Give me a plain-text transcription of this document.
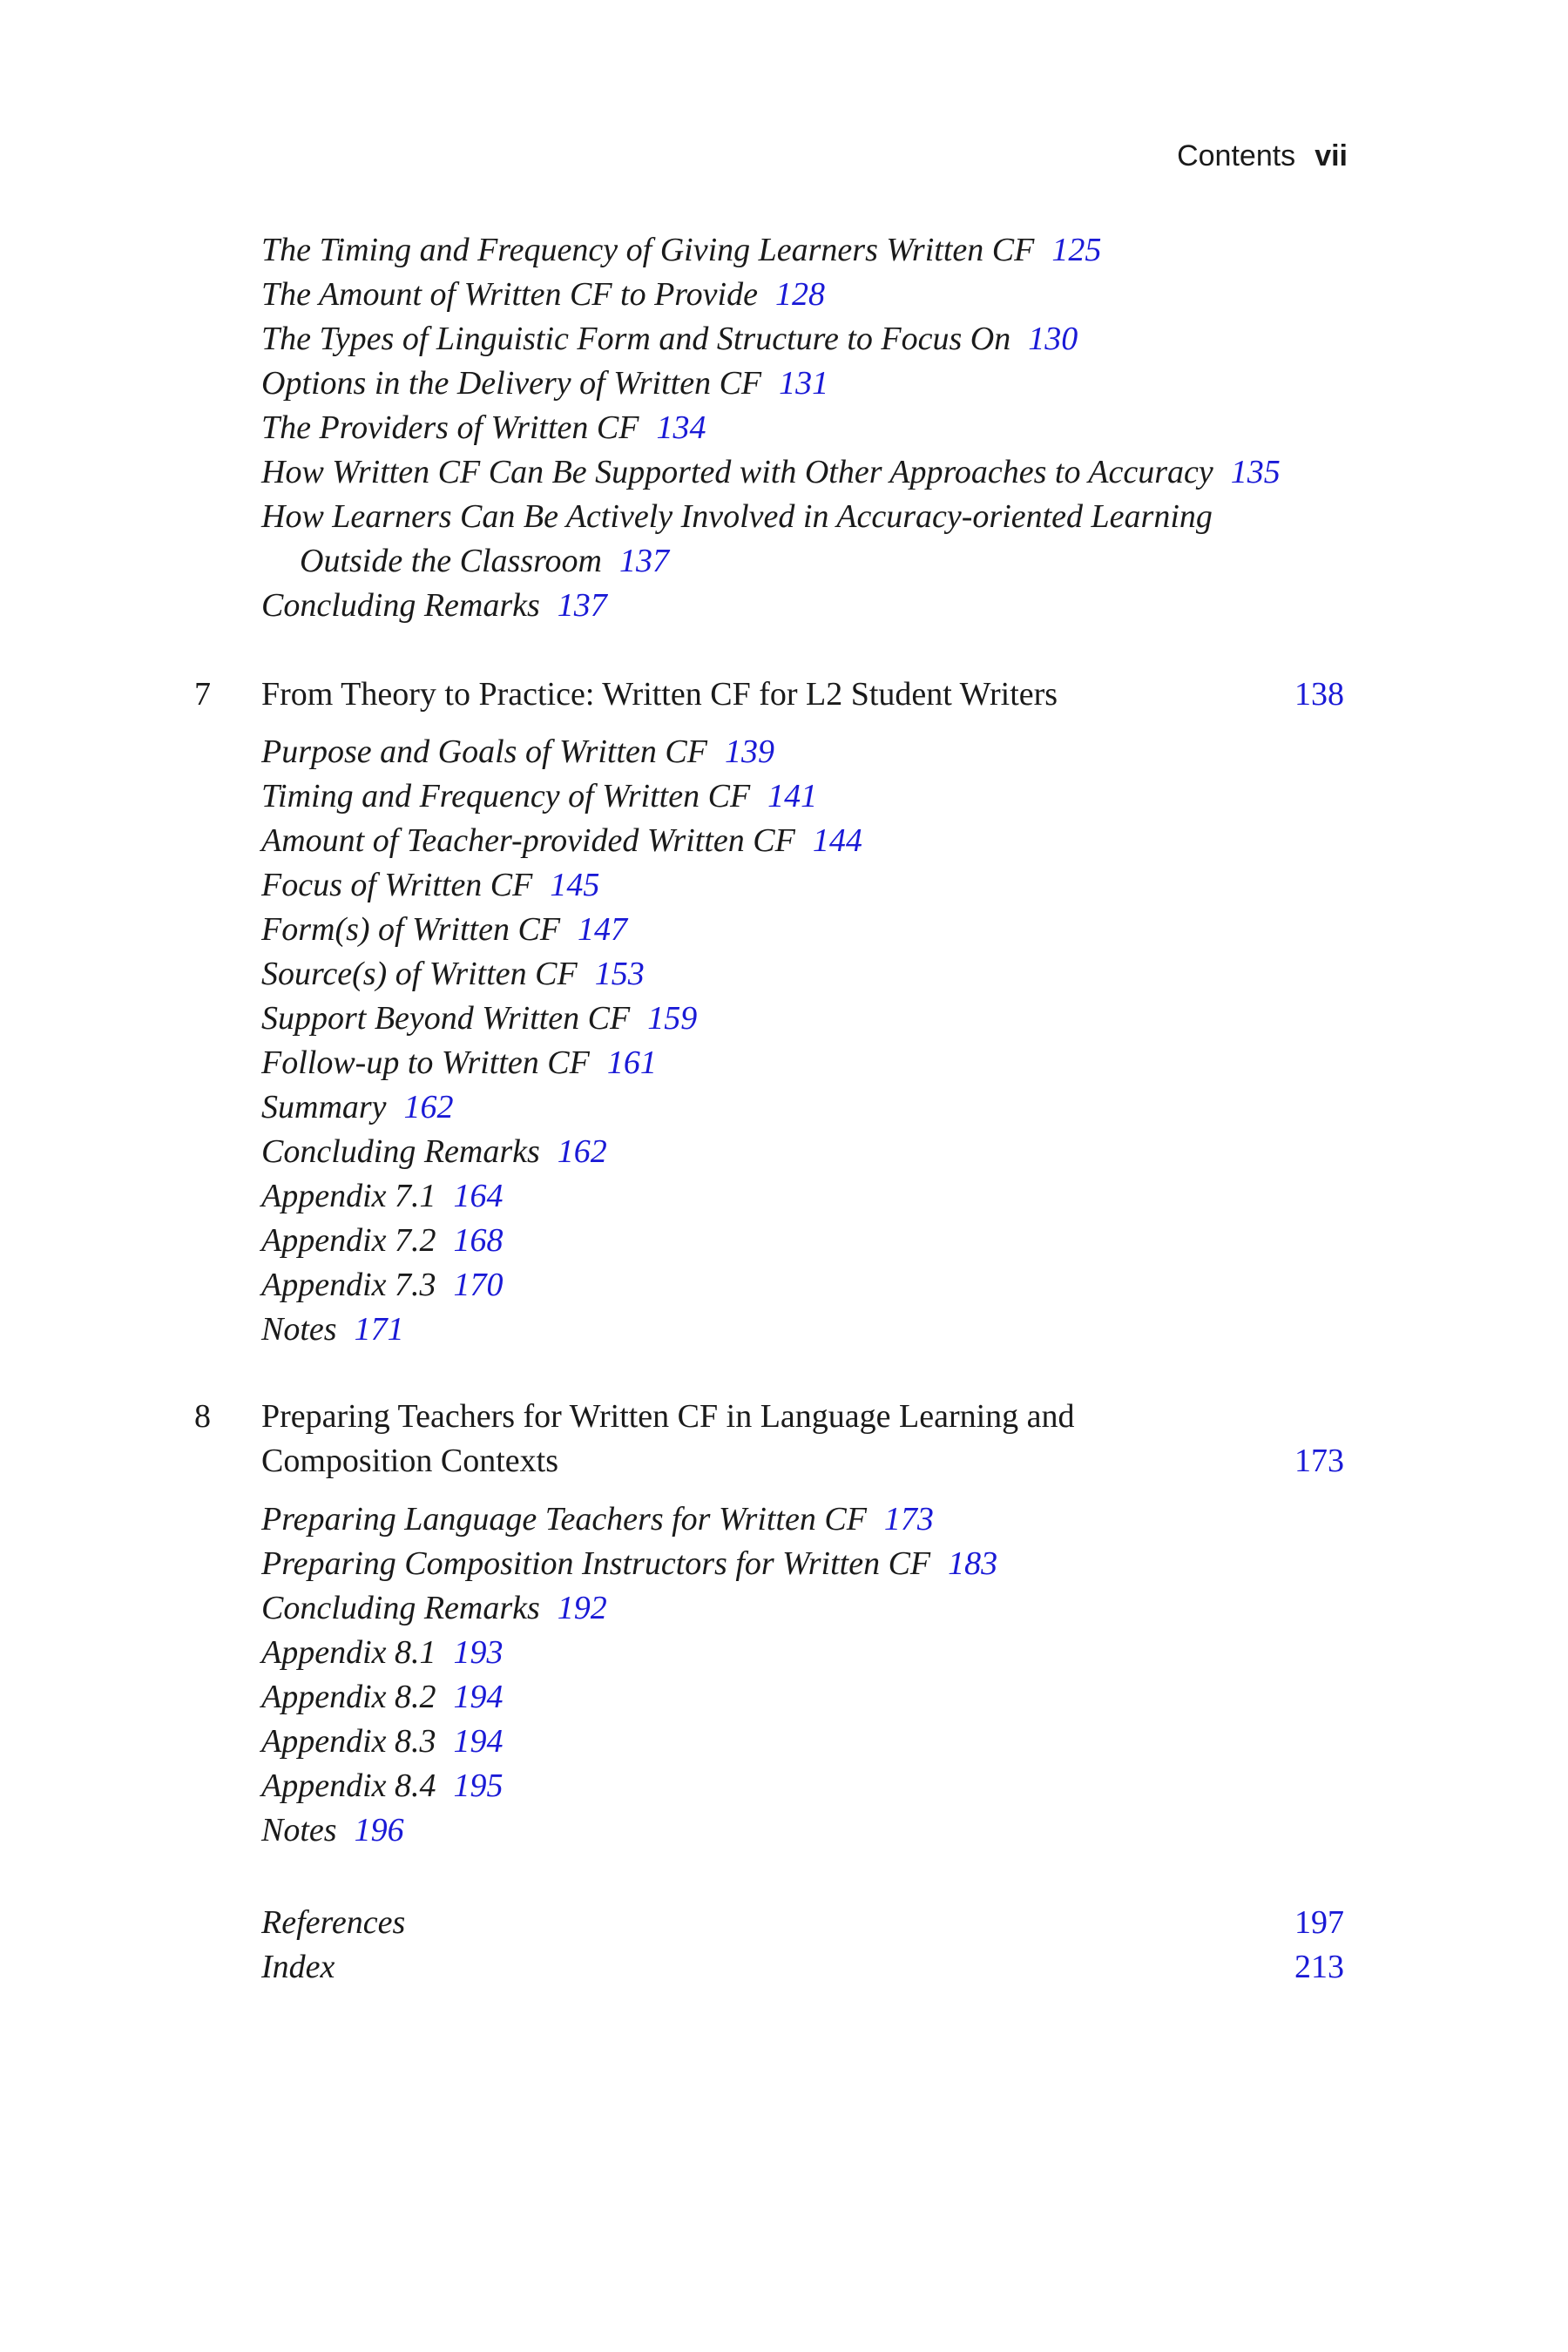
Contents vii
The Timing and Frequency of Giving Learners Written CF 125
The Amount of Written CF to Provide 128
The Types of Linguistic Form and Structure to Focus On 130
Options in the Delivery of Written CF 131
The Providers of Written CF 134
How Written CF Can Be Supported with Other Approaches to Accuracy 135
How Learners Can Be Actively Involved in Accuracy-oriented Learning
Outside the Classroom 137
Concluding Remarks 137
7 From Theory to Practice: Written CF for L2 Student Writers	138
Purpose and Goals of Written CF 139
Timing and Frequency of Written CF 141
Amount of Teacher-provided Written CF 144
Focus of Written CF 145
Form(s) of Written CF 147
Source(s) of Written CF 153
Support Beyond Written CF 159
Follow-up to Written CF 161
Summary 162
Concluding Remarks 162
Appendix 7.1 164
Appendix 7.2 168
Appendix 7.3 170
Notes 171
8 Preparing Teachers for Written CF in Language Learning and
Composition Contexts	173
Preparing Language Teachers for Written CF 173
Preparing Composition Instructors for Written CF 183
Concluding Remarks 192
Appendix 8.1 193
Appendix 8.2 194
Appendix 8.3 194
Appendix 8.4 195
Notes 196
References	197
Index	213
